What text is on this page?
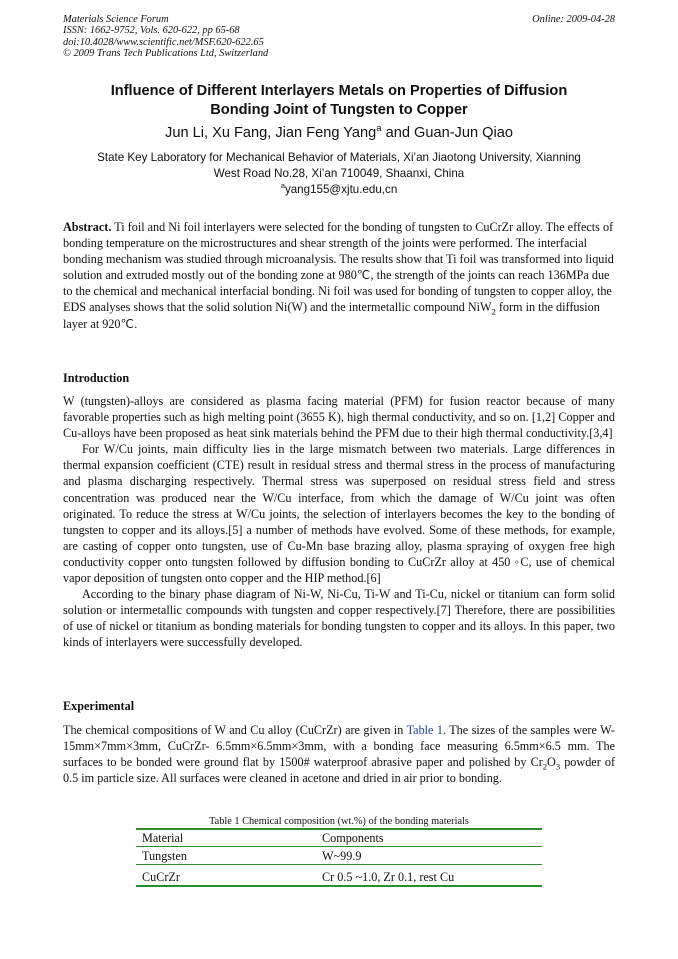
Materials Science Forum
ISSN: 1662-9752, Vols. 620-622, pp 65-68
doi:10.4028/www.scientific.net/MSF.620-622.65
© 2009 Trans Tech Publications Ltd, Switzerland
Online: 2009-04-28
Influence of Different Interlayers Metals on Properties of Diffusion
Bonding Joint of Tungsten to Copper
Jun Li, Xu Fang, Jian Feng Yang$^a$ and Guan-Jun Qiao
State Key Laboratory for Mechanical Behavior of Materials, Xi’an Jiaotong University, Xianning
West Road No.28, Xi’an 710049, Shaanxi, China
$^a$yang155@xjtu.edu,cn
Abstract. Ti foil and Ni foil interlayers were selected for the bonding of tungsten to CuCrZr alloy. The effects of bonding temperature on the microstructures and shear strength of the joints were performed. The interfacial bonding mechanism was studied through microanalysis. The results show that Ti foil was transformed into liquid solution and extruded mostly out of the bonding zone at 980℃, the strength of the joints can reach 136MPa due to the chemical and mechanical interfacial bonding. Ni foil was used for bonding of tungsten to copper alloy, the EDS analyses shows that the solid solution Ni(W) and the intermetallic compound NiW$_2$ form in the diffusion layer at 920℃.
Introduction

W (tungsten)-alloys are considered as plasma facing material (PFM) for fusion reactor because of many favorable properties such as high melting point (3655 K), high thermal conductivity, and so on. [1,2] Copper and Cu-alloys have been proposed as heat sink materials behind the PFM due to their high thermal conductivity.[3,4]

For W/Cu joints, main difficulty lies in the large mismatch between two materials. Large differences in thermal expansion coefficient (CTE) result in residual stress and thermal stress in the process of manufacturing and plasma discharging respectively. Thermal stress was superposed on residual stress field and stress concentration was produced near the W/Cu interface, from which the damage of W/Cu joint was often originated. To reduce the stress at W/Cu joints, the selection of interlayers becomes the key to the bonding of tungsten to copper and its alloys.[5] a number of methods have evolved. Some of these methods, for example, are casting of copper onto tungsten, use of Cu-Mn base brazing alloy, plasma spraying of oxygen free high conductivity copper onto tungsten followed by diffusion bonding to CuCrZr alloy at 450 ◦C, use of chemical vapor deposition of tungsten onto copper and the HIP method.[6]

According to the binary phase diagram of Ni-W, Ni-Cu, Ti-W and Ti-Cu, nickel or titanium can form solid solution or intermetallic compounds with tungsten and copper respectively.[7] Therefore, there are possibilities of use of nickel or titanium as bonding materials for bonding tungsten to copper and its alloys. In this paper, two kinds of interlayers were successfully developed.

Experimental

The chemical compositions of W and Cu alloy (CuCrZr) are given in Table 1. The sizes of the samples were W-15mm×7mm×3mm, CuCrZr- 6.5mm×6.5mm×3mm, with a bonding face measuring 6.5mm×6.5 mm. The surfaces to be bonded were ground flat by 1500# waterproof abrasive paper and polished by $Cr_2O_3$ powder of 0.5 im particle size. All surfaces were cleaned in acetone and dried in air prior to bonding.

Table 1 Chemical composition (wt.%) of the bonding materials
Material	Components
Tungsten	W~99.9
CuCrZr	Cr 0.5 ~1.0, Zr 0.1, rest Cu
